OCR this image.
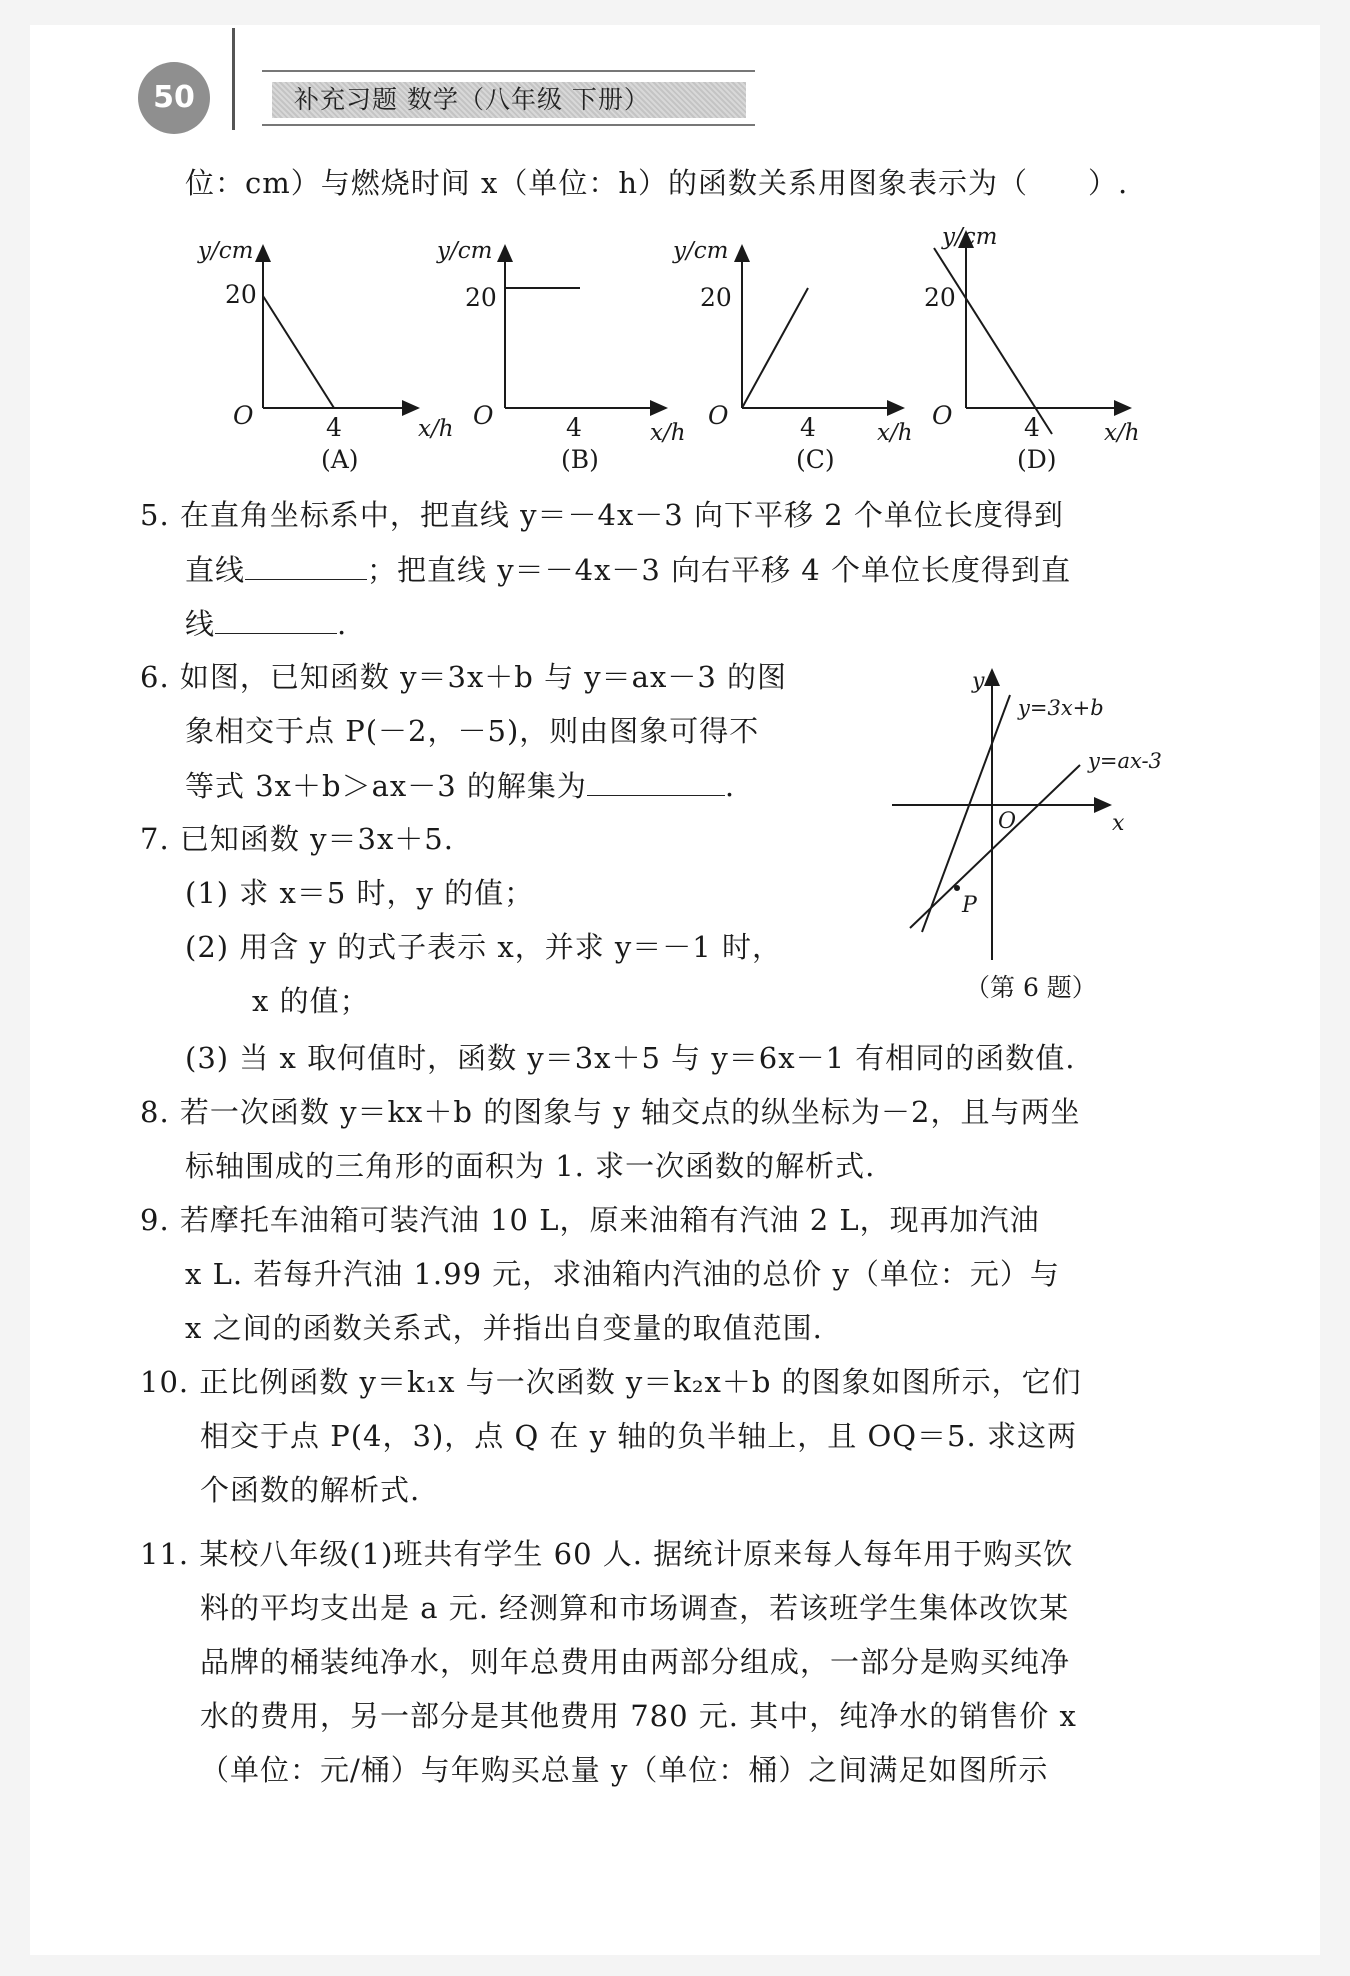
50	补充习题 数学（八年级 下册）
位：cm）与燃烧时间 x（单位：h）的函数关系用图象表示为（　　）.
y/cm
20
O	4	x/h
(A)
y/cm
20
O	4	x/h
(B)
y/cm
20
O	4	x/h
(C)
y/cm
20
O	4	x/h
(D)
5. 在直角坐标系中，把直线 y＝－4x－3 向下平移 2 个单位长度得到
直线	；把直线 y＝－4x－3 向右平移 4 个单位长度得到直
线	.
6. 如图，已知函数 y＝3x＋b 与 y＝ax－3 的图
象相交于点 P(－2，－5)，则由图象可得不
等式 3x＋b＞ax－3 的解集为	.
y
x
O
y=3x+b
y=ax-3
P
（第 6 题）
7. 已知函数 y＝3x＋5.
(1) 求 x＝5 时，y 的值；
(2) 用含 y 的式子表示 x，并求 y＝－1 时，
x 的值；
(3) 当 x 取何值时，函数 y＝3x＋5 与 y＝6x－1 有相同的函数值.
8. 若一次函数 y＝kx＋b 的图象与 y 轴交点的纵坐标为－2，且与两坐
标轴围成的三角形的面积为 1. 求一次函数的解析式.
9. 若摩托车油箱可装汽油 10 L，原来油箱有汽油 2 L，现再加汽油
x L. 若每升汽油 1.99 元，求油箱内汽油的总价 y（单位：元）与
x 之间的函数关系式，并指出自变量的取值范围.
10. 正比例函数 y＝k₁x 与一次函数 y＝k₂x＋b 的图象如图所示，它们
相交于点 P(4，3)，点 Q 在 y 轴的负半轴上，且 OQ＝5. 求这两
个函数的解析式.
11. 某校八年级(1)班共有学生 60 人. 据统计原来每人每年用于购买饮
料的平均支出是 a 元. 经测算和市场调查，若该班学生集体改饮某
品牌的桶装纯净水，则年总费用由两部分组成，一部分是购买纯净
水的费用，另一部分是其他费用 780 元. 其中，纯净水的销售价 x
（单位：元/桶）与年购买总量 y（单位：桶）之间满足如图所示
